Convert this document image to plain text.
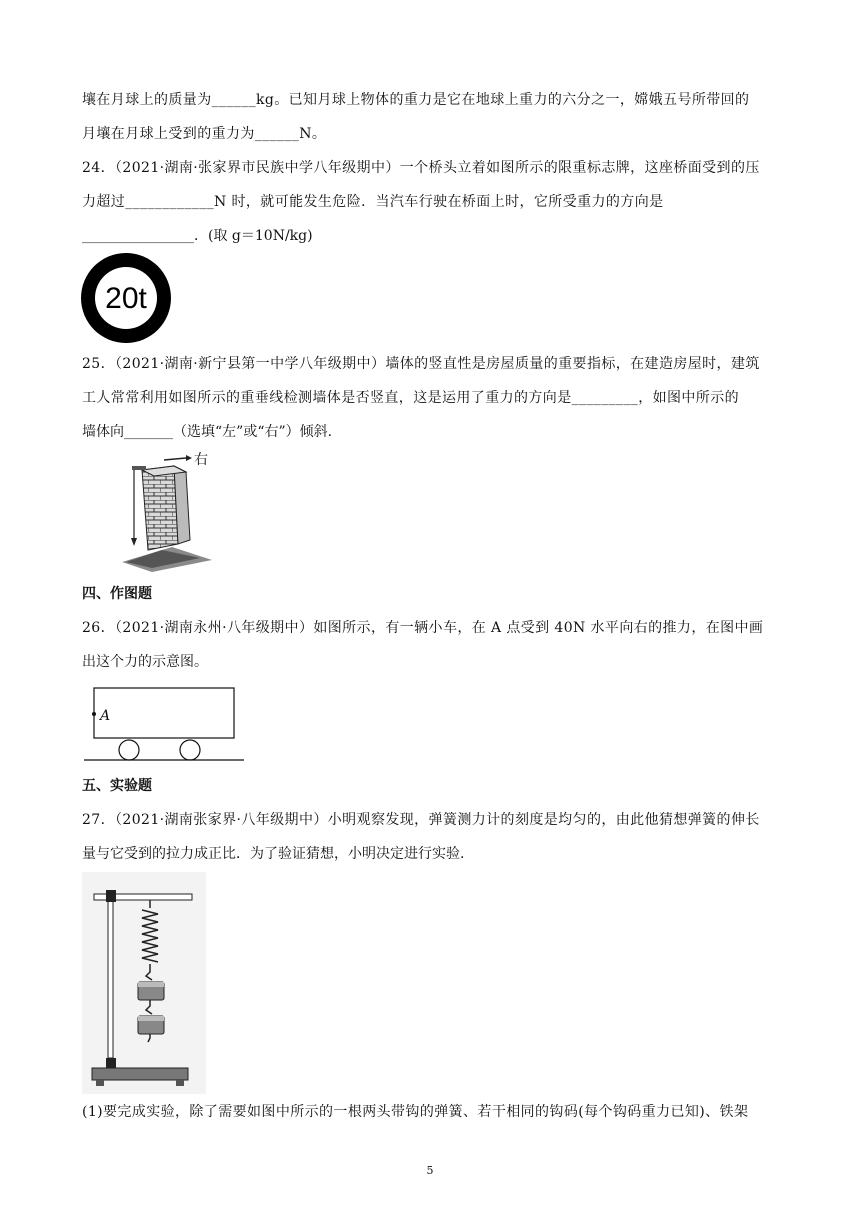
壤在月球上的质量为______kg。已知月球上物体的重力是它在地球上重力的六分之一，嫦娥五号所带回的
月壤在月球上受到的重力为______N。
24．（2021·湖南·张家界市民族中学八年级期中）一个桥头立着如图所示的限重标志牌，这座桥面受到的压
力超过____________N 时，就可能发生危险．当汽车行驶在桥面上时，它所受重力的方向是
________________．(取 g＝10N/kg)
20t
25．（2021·湖南·新宁县第一中学八年级期中）墙体的竖直性是房屋质量的重要指标，在建造房屋时，建筑
工人常常利用如图所示的重垂线检测墙体是否竖直，这是运用了重力的方向是_________，如图中所示的
墙体向_______（选填“左”或“右”）倾斜.
右
四、作图题
26．（2021·湖南永州·八年级期中）如图所示，有一辆小车，在 A 点受到 40N 水平向右的推力，在图中画
出这个力的示意图。
A
五、实验题
27．（2021·湖南张家界·八年级期中）小明观察发现，弹簧测力计的刻度是均匀的，由此他猜想弹簧的伸长
量与它受到的拉力成正比．为了验证猜想，小明决定进行实验.
(1)要完成实验，除了需要如图中所示的一根两头带钩的弹簧、若干相同的钩码(每个钩码重力已知)、铁架
5
